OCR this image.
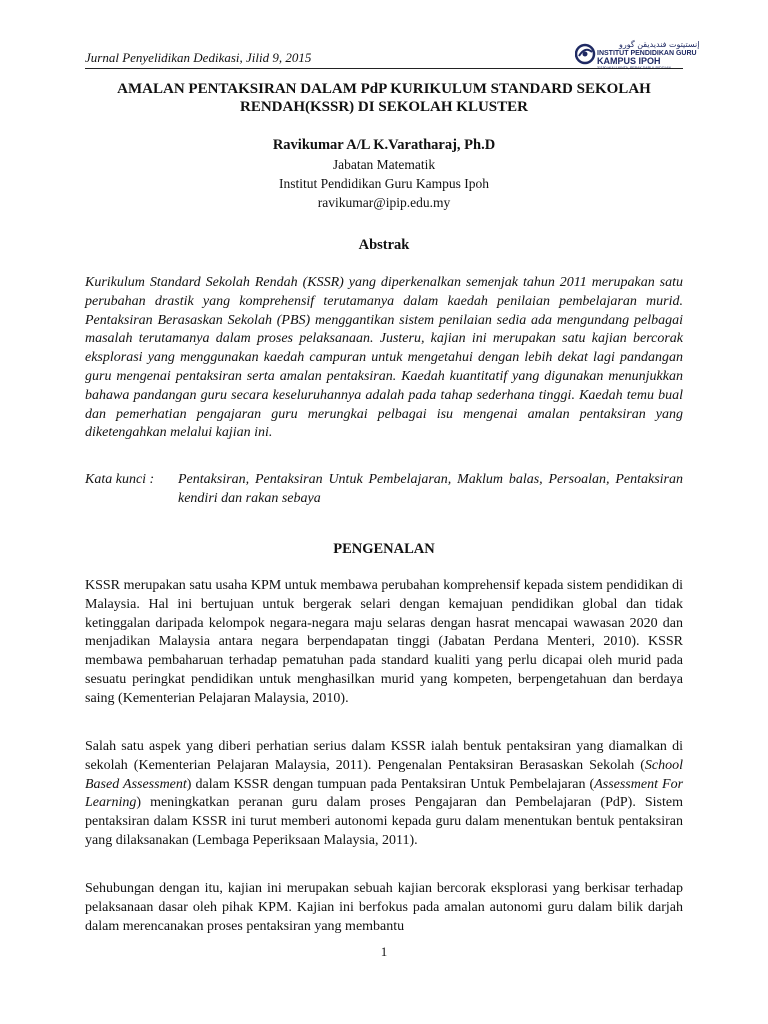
Jurnal Penyelidikan Dedikasi, Jilid 9, 2015
ﺇﻧﺴﺘﻴﺘﻮﺕ ﻓﻨﺪﻳﺪﻳﻘﻦ ﮔﻮرو
INSTITUT PENDIDIKAN GURU
KAMPUS IPOH
31150 HULU KINTA, PERAK DARUL RIDZUAN
AMALAN PENTAKSIRAN DALAM PdP KURIKULUM STANDARD SEKOLAH RENDAH(KSSR) DI SEKOLAH KLUSTER
Ravikumar A/L K.Varatharaj, Ph.D
Jabatan Matematik
Institut Pendidikan Guru Kampus Ipoh
ravikumar@ipip.edu.my
Abstrak

Kurikulum Standard Sekolah Rendah (KSSR) yang diperkenalkan semenjak tahun 2011 merupakan satu perubahan drastik yang komprehensif terutamanya dalam kaedah penilaian pembelajaran murid. Pentaksiran Berasaskan Sekolah (PBS) menggantikan sistem penilaian sedia ada mengundang pelbagai masalah terutamanya dalam proses pelaksanaan. Justeru, kajian ini merupakan satu kajian bercorak eksplorasi yang menggunakan kaedah campuran untuk mengetahui dengan lebih dekat lagi pandangan guru mengenai pentaksiran serta amalan pentaksiran. Kaedah kuantitatif yang digunakan menunjukkan bahawa pandangan guru secara keseluruhannya adalah pada tahap sederhana tinggi. Kaedah temu bual dan pemerhatian pengajaran guru merungkai pelbagai isu mengenai amalan pentaksiran yang diketengahkan melalui kajian ini.

Kata kunci :	Pentaksiran, Pentaksiran Untuk Pembelajaran, Maklum balas, Persoalan, Pentaksiran kendiri dan rakan sebaya
PENGENALAN

KSSR merupakan satu usaha KPM untuk membawa perubahan komprehensif kepada sistem pendidikan di Malaysia. Hal ini bertujuan untuk bergerak selari dengan kemajuan pendidikan global dan tidak ketinggalan daripada kelompok negara-negara maju selaras dengan hasrat mencapai wawasan 2020 dan menjadikan Malaysia antara negara berpendapatan tinggi (Jabatan Perdana Menteri, 2010). KSSR membawa pembaharuan terhadap pematuhan pada standard kualiti yang perlu dicapai oleh murid pada sesuatu peringkat pendidikan untuk menghasilkan murid yang kompeten, berpengetahuan dan berdaya saing (Kementerian Pelajaran Malaysia, 2010).

Salah satu aspek yang diberi perhatian serius dalam KSSR ialah bentuk pentaksiran yang diamalkan di sekolah (Kementerian Pelajaran Malaysia, 2011). Pengenalan Pentaksiran Berasaskan Sekolah (School Based Assessment) dalam KSSR dengan tumpuan pada Pentaksiran Untuk Pembelajaran (Assessment For Learning) meningkatkan peranan guru dalam proses Pengajaran dan Pembelajaran (PdP). Sistem pentaksiran dalam KSSR ini turut memberi autonomi kepada guru dalam menentukan bentuk pentaksiran yang dilaksanakan (Lembaga Peperiksaan Malaysia, 2011).

Sehubungan dengan itu, kajian ini merupakan sebuah kajian bercorak eksplorasi yang berkisar terhadap pelaksanaan dasar oleh pihak KPM. Kajian ini berfokus pada amalan autonomi guru dalam bilik darjah dalam merencanakan proses pentaksiran yang membantu

1
